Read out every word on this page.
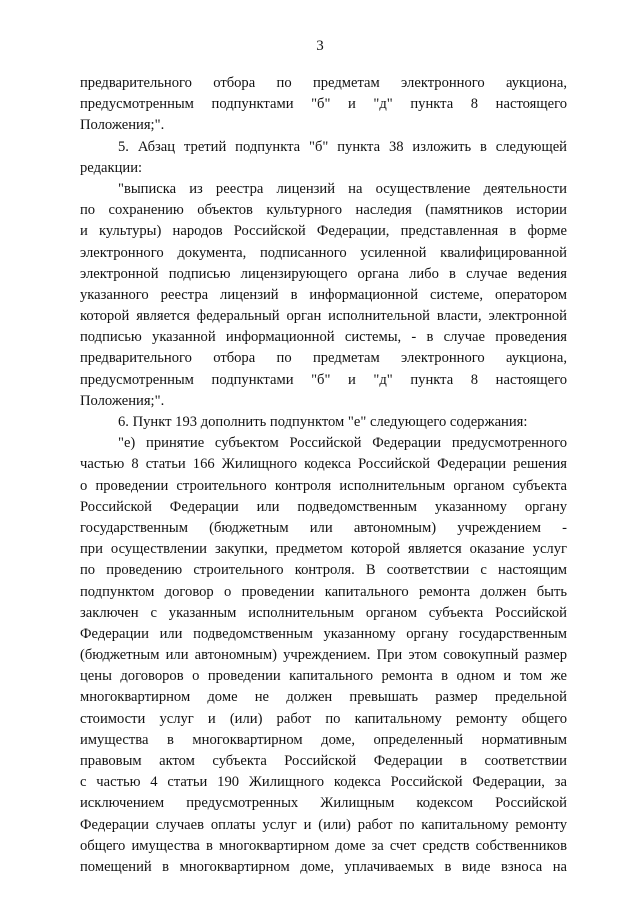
3
предварительного отбора по предметам электронного аукциона,
предусмотренным подпунктами "б" и "д" пункта 8 настоящего
Положения;".
5. Абзац третий подпункта "б" пункта 38 изложить в следующей
редакции:
"выписка из реестра лицензий на осуществление деятельности
по сохранению объектов культурного наследия (памятников истории
и культуры) народов Российской Федерации, представленная в форме
электронного документа, подписанного усиленной квалифицированной
электронной подписью лицензирующего органа либо в случае ведения
указанного реестра лицензий в информационной системе, оператором
которой является федеральный орган исполнительной власти, электронной
подписью указанной информационной системы, - в случае проведения
предварительного отбора по предметам электронного аукциона,
предусмотренным подпунктами "б" и "д" пункта 8 настоящего
Положения;".
6. Пункт 193 дополнить подпунктом "е" следующего содержания:
"е) принятие субъектом Российской Федерации предусмотренного
частью 8 статьи 166 Жилищного кодекса Российской Федерации решения
о проведении строительного контроля исполнительным органом субъекта
Российской Федерации или подведомственным указанному органу
государственным (бюджетным или автономным) учреждением -
при осуществлении закупки, предметом которой является оказание услуг
по проведению строительного контроля. В соответствии с настоящим
подпунктом договор о проведении капитального ремонта должен быть
заключен с указанным исполнительным органом субъекта Российской
Федерации или подведомственным указанному органу государственным
(бюджетным или автономным) учреждением. При этом совокупный размер
цены договоров о проведении капитального ремонта в одном и том же
многоквартирном доме не должен превышать размер предельной
стоимости услуг и (или) работ по капитальному ремонту общего
имущества в многоквартирном доме, определенный нормативным
правовым актом субъекта Российской Федерации в соответствии
с частью 4 статьи 190 Жилищного кодекса Российской Федерации, за
исключением предусмотренных Жилищным кодексом Российской
Федерации случаев оплаты услуг и (или) работ по капитальному ремонту
общего имущества в многоквартирном доме за счет средств собственников
помещений в многоквартирном доме, уплачиваемых в виде взноса на
